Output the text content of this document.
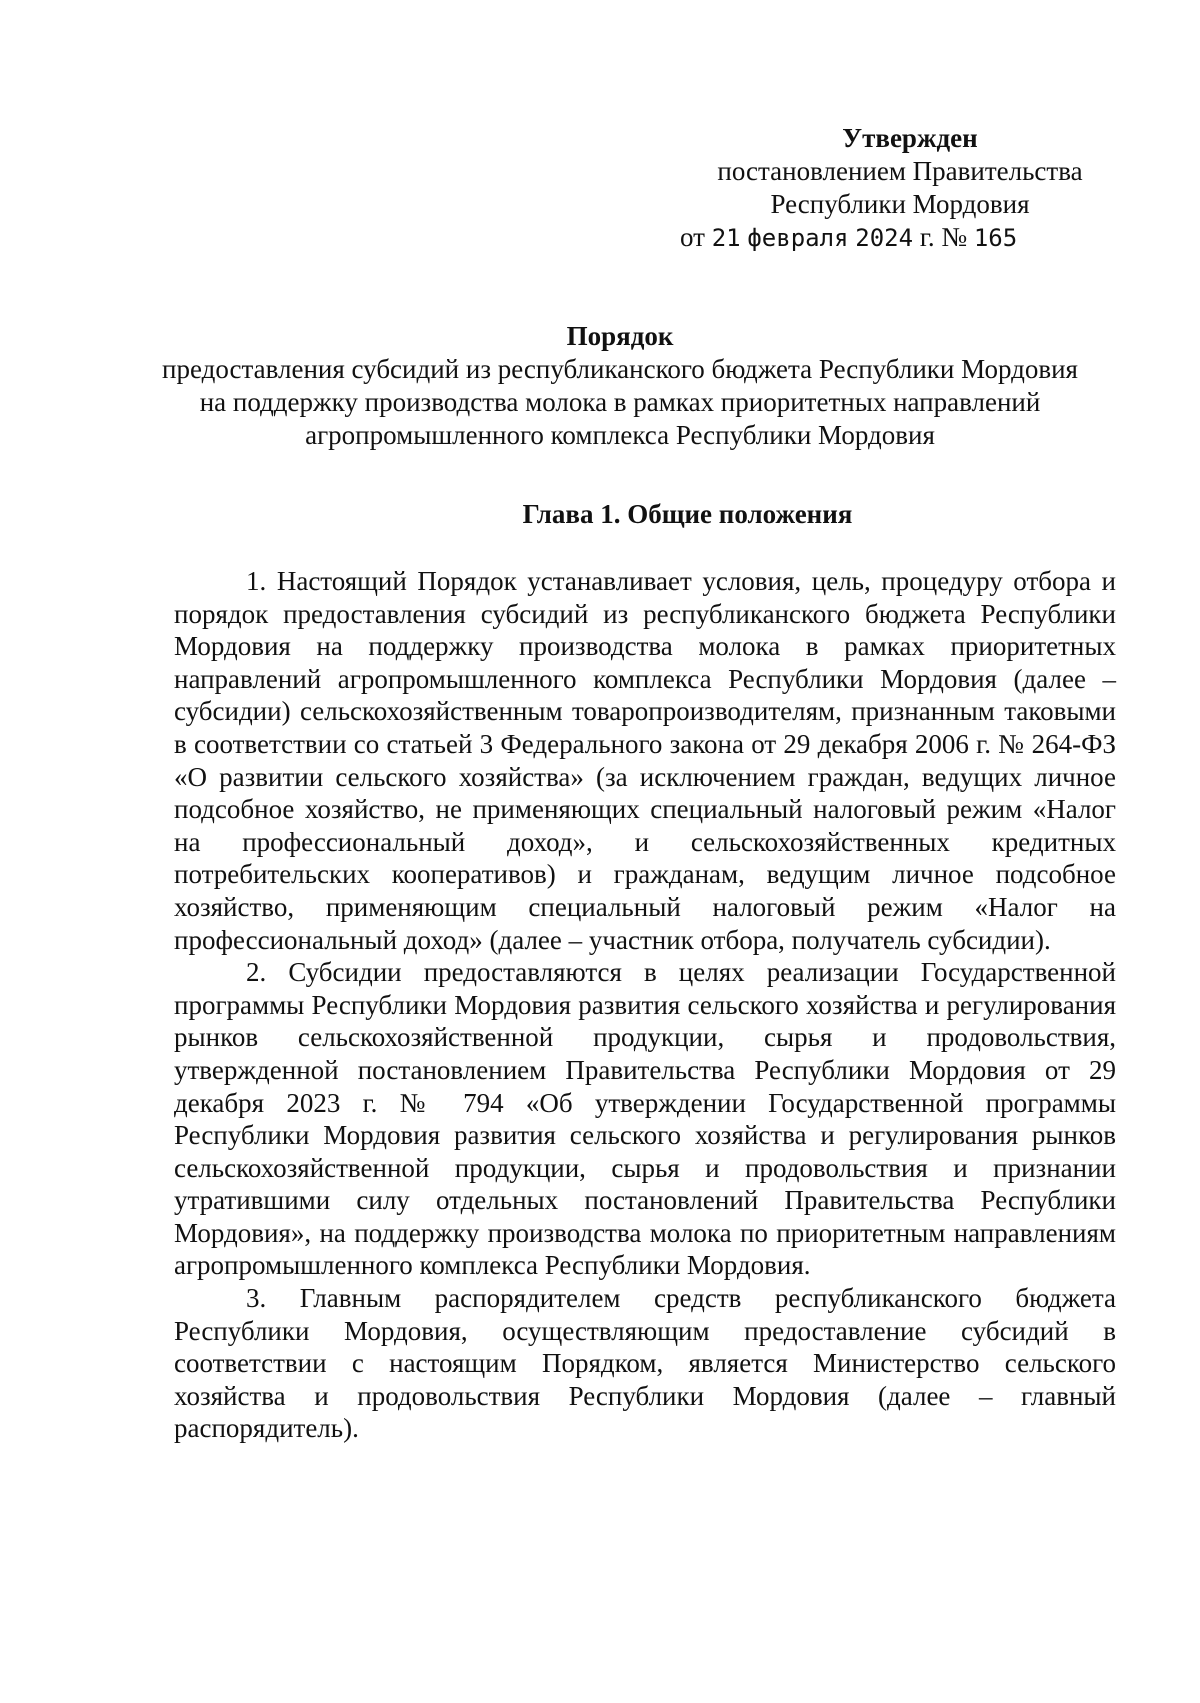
Утвержден
постановлением Правительства
Республики Мордовия
от 21 февраля 2024 г. № 165
Порядок
предоставления субсидий из республиканского бюджета Республики Мордовия на поддержку производства молока в рамках приоритетных направлений агропромышленного комплекса Республики Мордовия
Глава 1. Общие положения

1. Настоящий Порядок устанавливает условия, цель, процедуру отбора и порядок предоставления субсидий из республиканского бюджета Республики Мордовия на поддержку производства молока в рамках приоритетных направлений агропромышленного комплекса Республики Мордовия (далее – субсидии) сельскохозяйственным товаропроизводителям, признанным таковыми в соответствии со статьей 3 Федерального закона от 29 декабря 2006 г. № 264-ФЗ «О развитии сельского хозяйства» (за исключением граждан, ведущих личное подсобное хозяйство, не применяющих специальный налоговый режим «Налог на профессиональный доход», и сельскохозяйственных кредитных потребительских кооперативов) и гражданам, ведущим личное подсобное хозяйство, применяющим специальный налоговый режим «Налог на профессиональный доход» (далее – участник отбора, получатель субсидии).

2. Субсидии предоставляются в целях реализации Государственной программы Республики Мордовия развития сельского хозяйства и регулирования рынков сельскохозяйственной продукции, сырья и продовольствия, утвержденной постановлением Правительства Республики Мордовия от 29 декабря 2023 г. № 794 «Об утверждении Государственной программы Республики Мордовия развития сельского хозяйства и регулирования рынков сельскохозяйственной продукции, сырья и продовольствия и признании утратившими силу отдельных постановлений Правительства Республики Мордовия», на поддержку производства молока по приоритетным направлениям агропромышленного комплекса Республики Мордовия.

3. Главным распорядителем средств республиканского бюджета Республики Мордовия, осуществляющим предоставление субсидий в соответствии с настоящим Порядком, является Министерство сельского хозяйства и продовольствия Республики Мордовия (далее – главный распорядитель).
